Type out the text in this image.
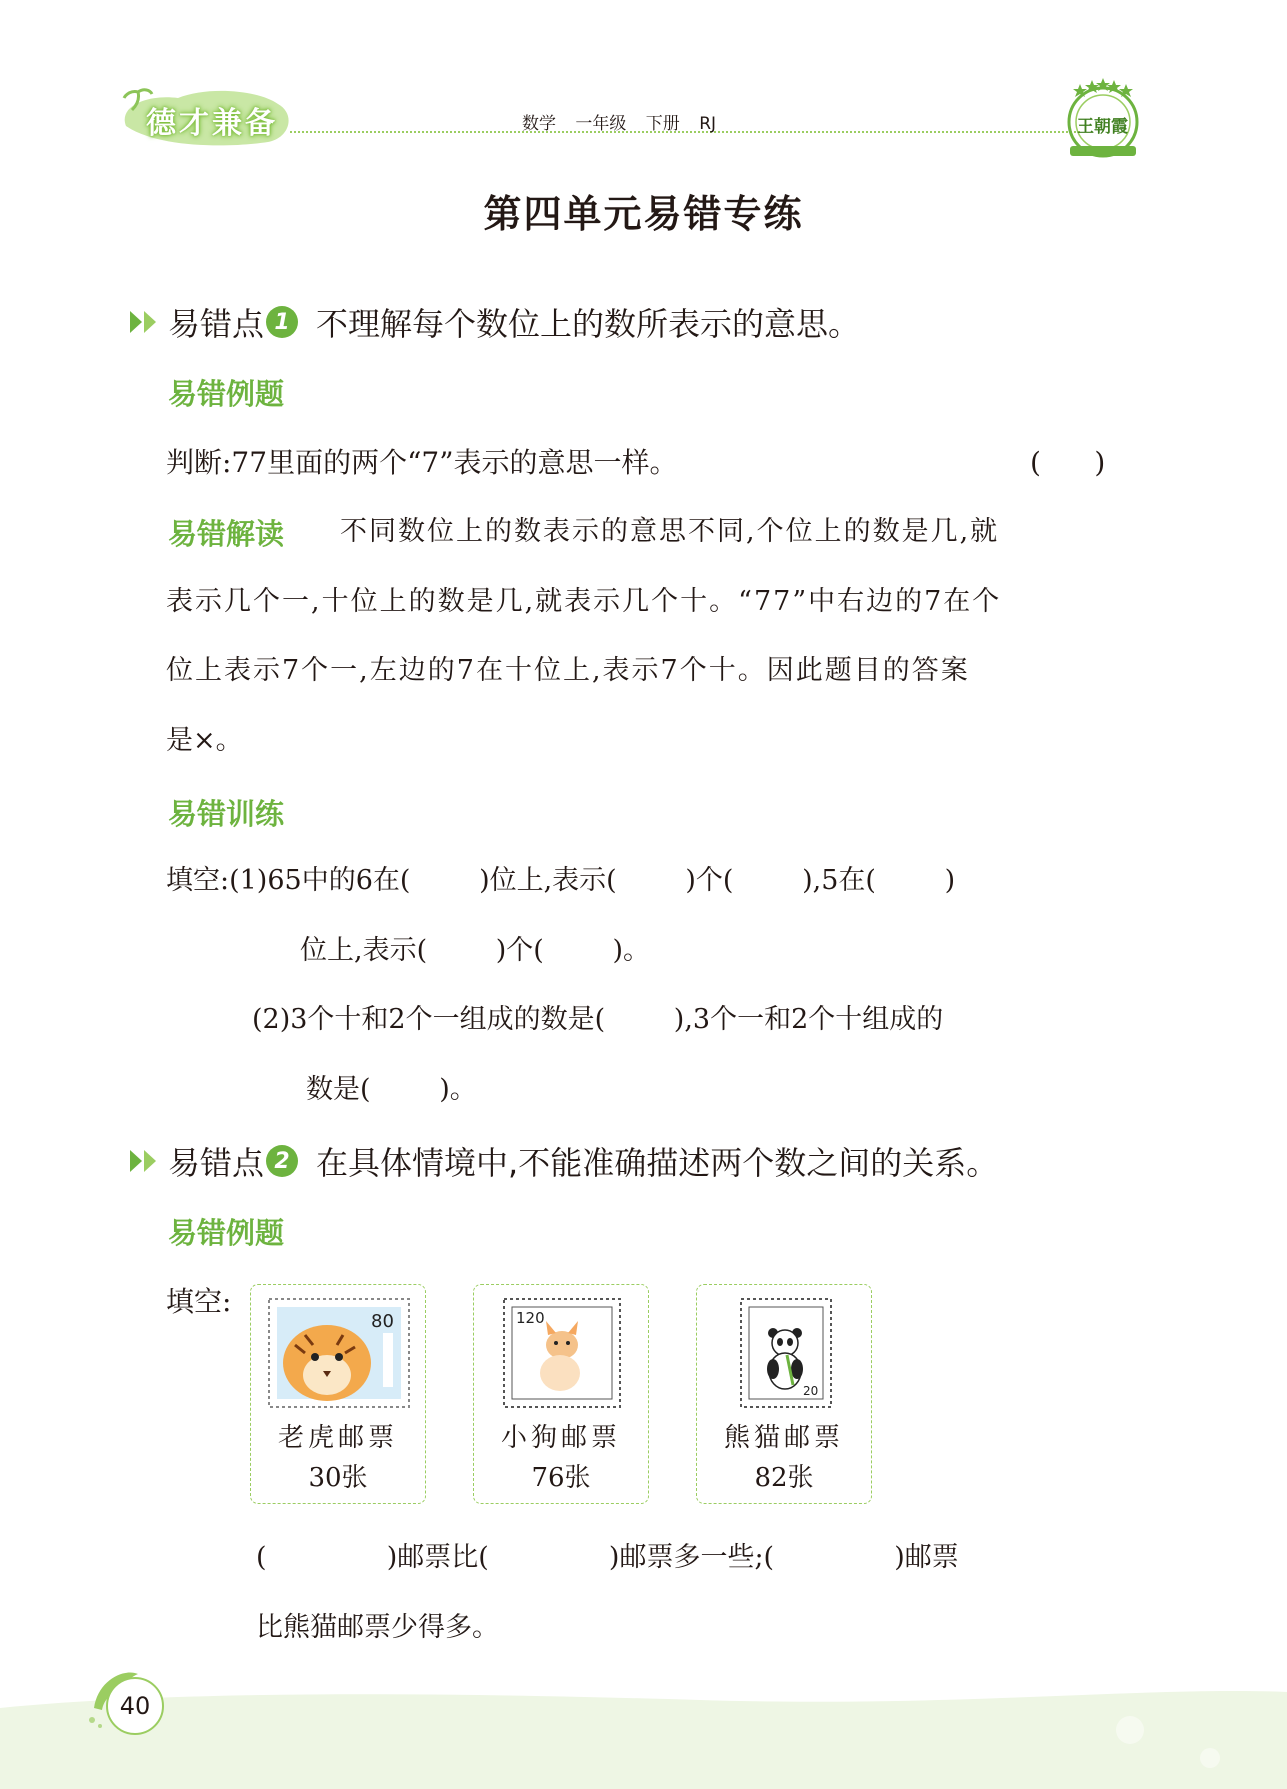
德才兼备	数学 一年级 下册 RJ	王朝霞
第四单元易错专练
易错点 1 不理解每个数位上的数所表示的意思。
易错例题
判断:77里面的两个“7”表示的意思一样。	(      )
易错解读 不同数位上的数表示的意思不同,个位上的数是几,就
表示几个一,十位上的数是几,就表示几个十。“77”中右边的7在个
位上表示7个一,左边的7在十位上,表示7个十。因此题目的答案
是×。
易错训练
填空:(1)65中的6在(        )位上,表示(        )个(        ),5在(        )
位上,表示(        )个(        )。
(2)3个十和2个一组成的数是(        ),3个一和2个十组成的
数是(        )。
易错点 2 在具体情境中,不能准确描述两个数之间的关系。
易错例题
填空:
80
老虎邮票
30张
120
小狗邮票
76张
20
熊猫邮票
82张
(              )邮票比(              )邮票多一些;(              )邮票
比熊猫邮票少得多。
40
